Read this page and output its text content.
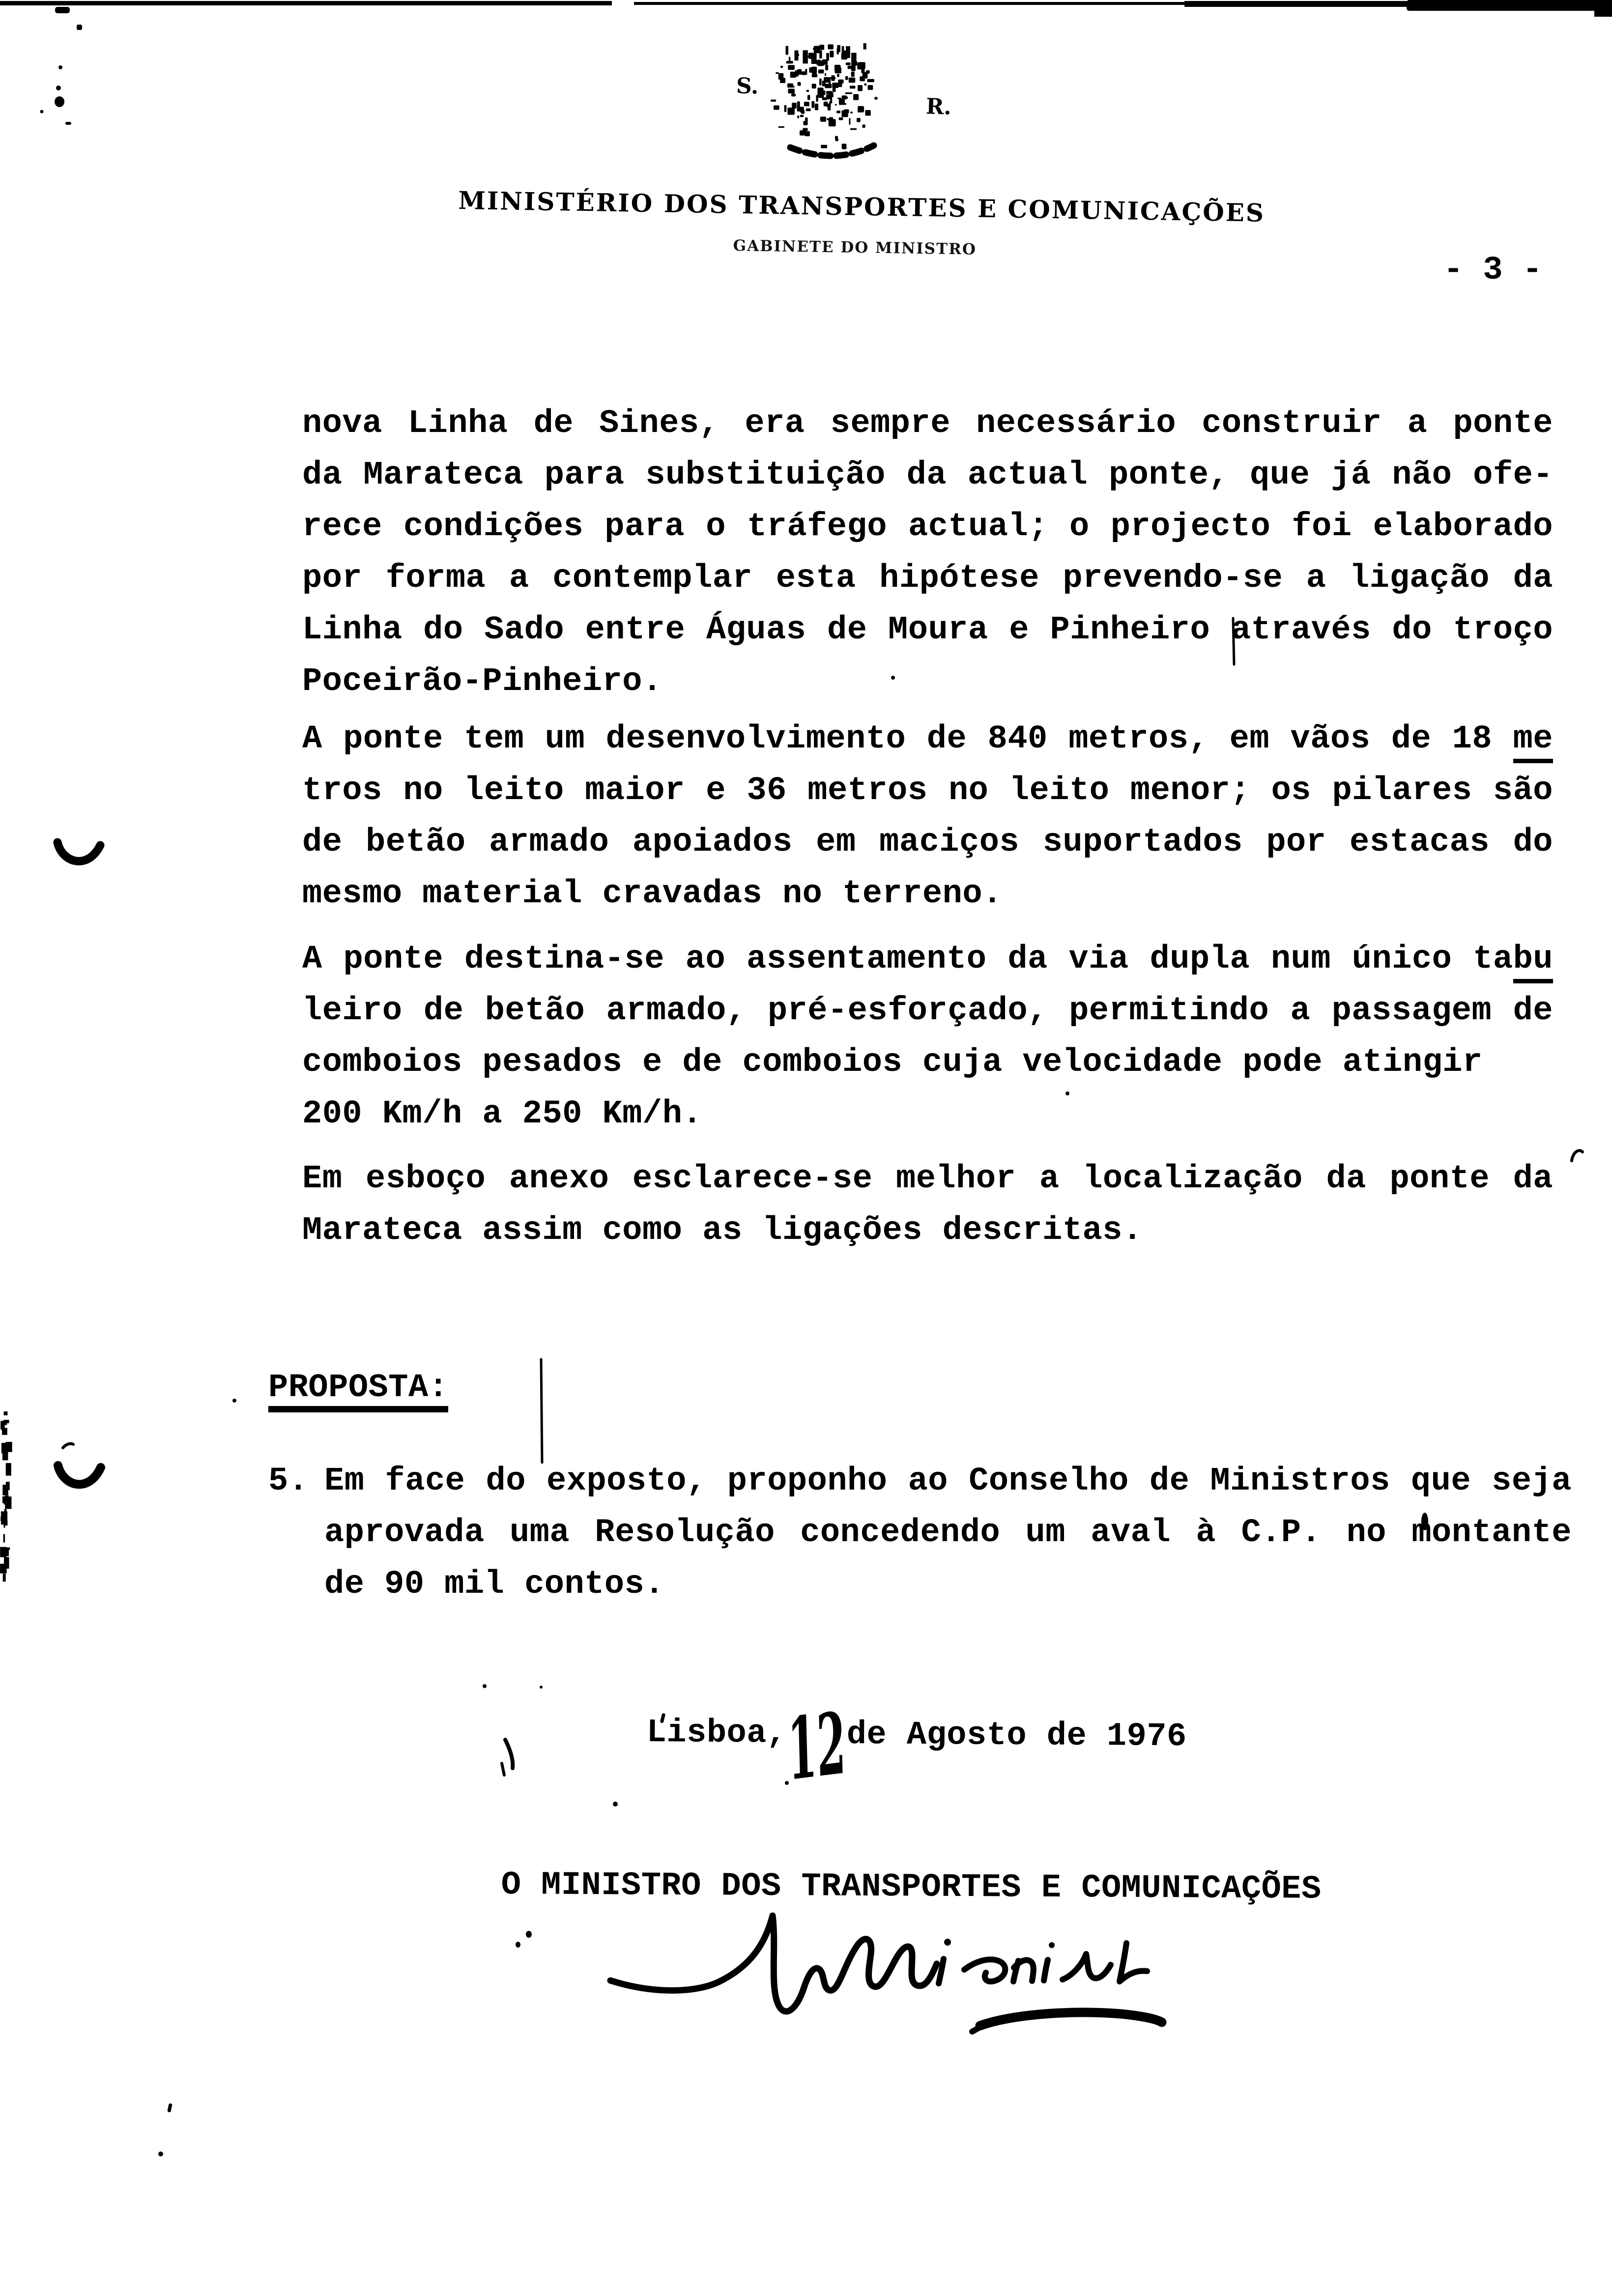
12
S.
R.
MINISTÉRIO DOS TRANSPORTES E COMUNICAÇÕES
GABINETE DO MINISTRO
- 3 -
nova Linha de Sines, era sempre necessário construir a ponte
da Marateca para substituição da actual ponte, que já não ofe-
rece condições para o tráfego actual; o projecto foi elaborado
por forma a contemplar esta hipótese prevendo-se a ligação da
Linha do Sado entre Águas de Moura e Pinheiro através do troço
Poceirão-Pinheiro.
A ponte tem um desenvolvimento de 840 metros, em vãos de 18 me
tros no leito maior e 36 metros no leito menor; os pilares são
de betão armado apoiados em maciços suportados por estacas do
mesmo material cravadas no terreno.
A ponte destina-se ao assentamento da via dupla num único tabu
leiro de betão armado, pré-esforçado, permitindo a passagem de
comboios pesados e de comboios cuja velocidade pode atingir
200 Km/h a 250 Km/h.
Em esboço anexo esclarece-se melhor a localização da ponte da
Marateca assim como as ligações descritas.
PROPOSTA:
5. Em face do exposto, proponho ao Conselho de Ministros que seja
aprovada uma Resolução concedendo um aval à C.P. no montante
de 90 mil contos.
Lisboa, de Agosto de 1976
O MINISTRO DOS TRANSPORTES E COMUNICAÇÕES
